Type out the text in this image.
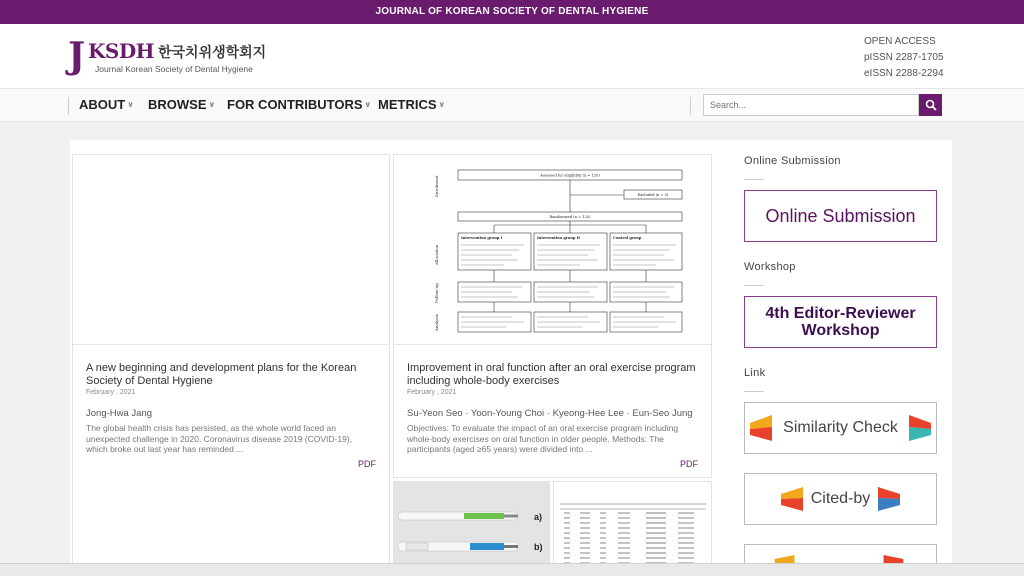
JOURNAL OF KOREAN SOCIETY OF DENTAL HYGIENE
J KSDH 한국치위생학회지
Journal Korean Society of Dental Hygiene
OPEN ACCESS
pISSN 2287-1705
eISSN 2288-2294
ABOUT ∨ BROWSE ∨ FOR CONTRIBUTORS ∨ METRICS ∨
Search...
A new beginning and development plans for the Korean Society of Dental Hygiene
February , 2021
Jong-Hwa Jang
The global health crisis has persisted, as the whole world faced an unexpected challenge in 2020. Coronavirus disease 2019 (COVID-19), which broke out last year has reminded ...
PDF
Enrolment
Allocation
Follow-up
Analysis
Assessed for eligibility (n = 120)
Excluded (n = 0)
Randomized (n = 120)
Intervention group I	Intervention group II	Control group
Improvement in oral function after an oral exercise program including whole-body exercises
February , 2021
Su-Yeon Seo · Yoon-Young Choi · Kyeong-Hee Lee · Eun-Seo Jung
Objectives: To evaluate the impact of an oral exercise program including whole-body exercises on oral function in older people. Methods: The participants (aged ≥65 years) were divided into ...
PDF
a)
b)
Online Submission
Online Submission
Workshop
4th Editor-Reviewer
Workshop
Link
Similarity Check
Cited-by
